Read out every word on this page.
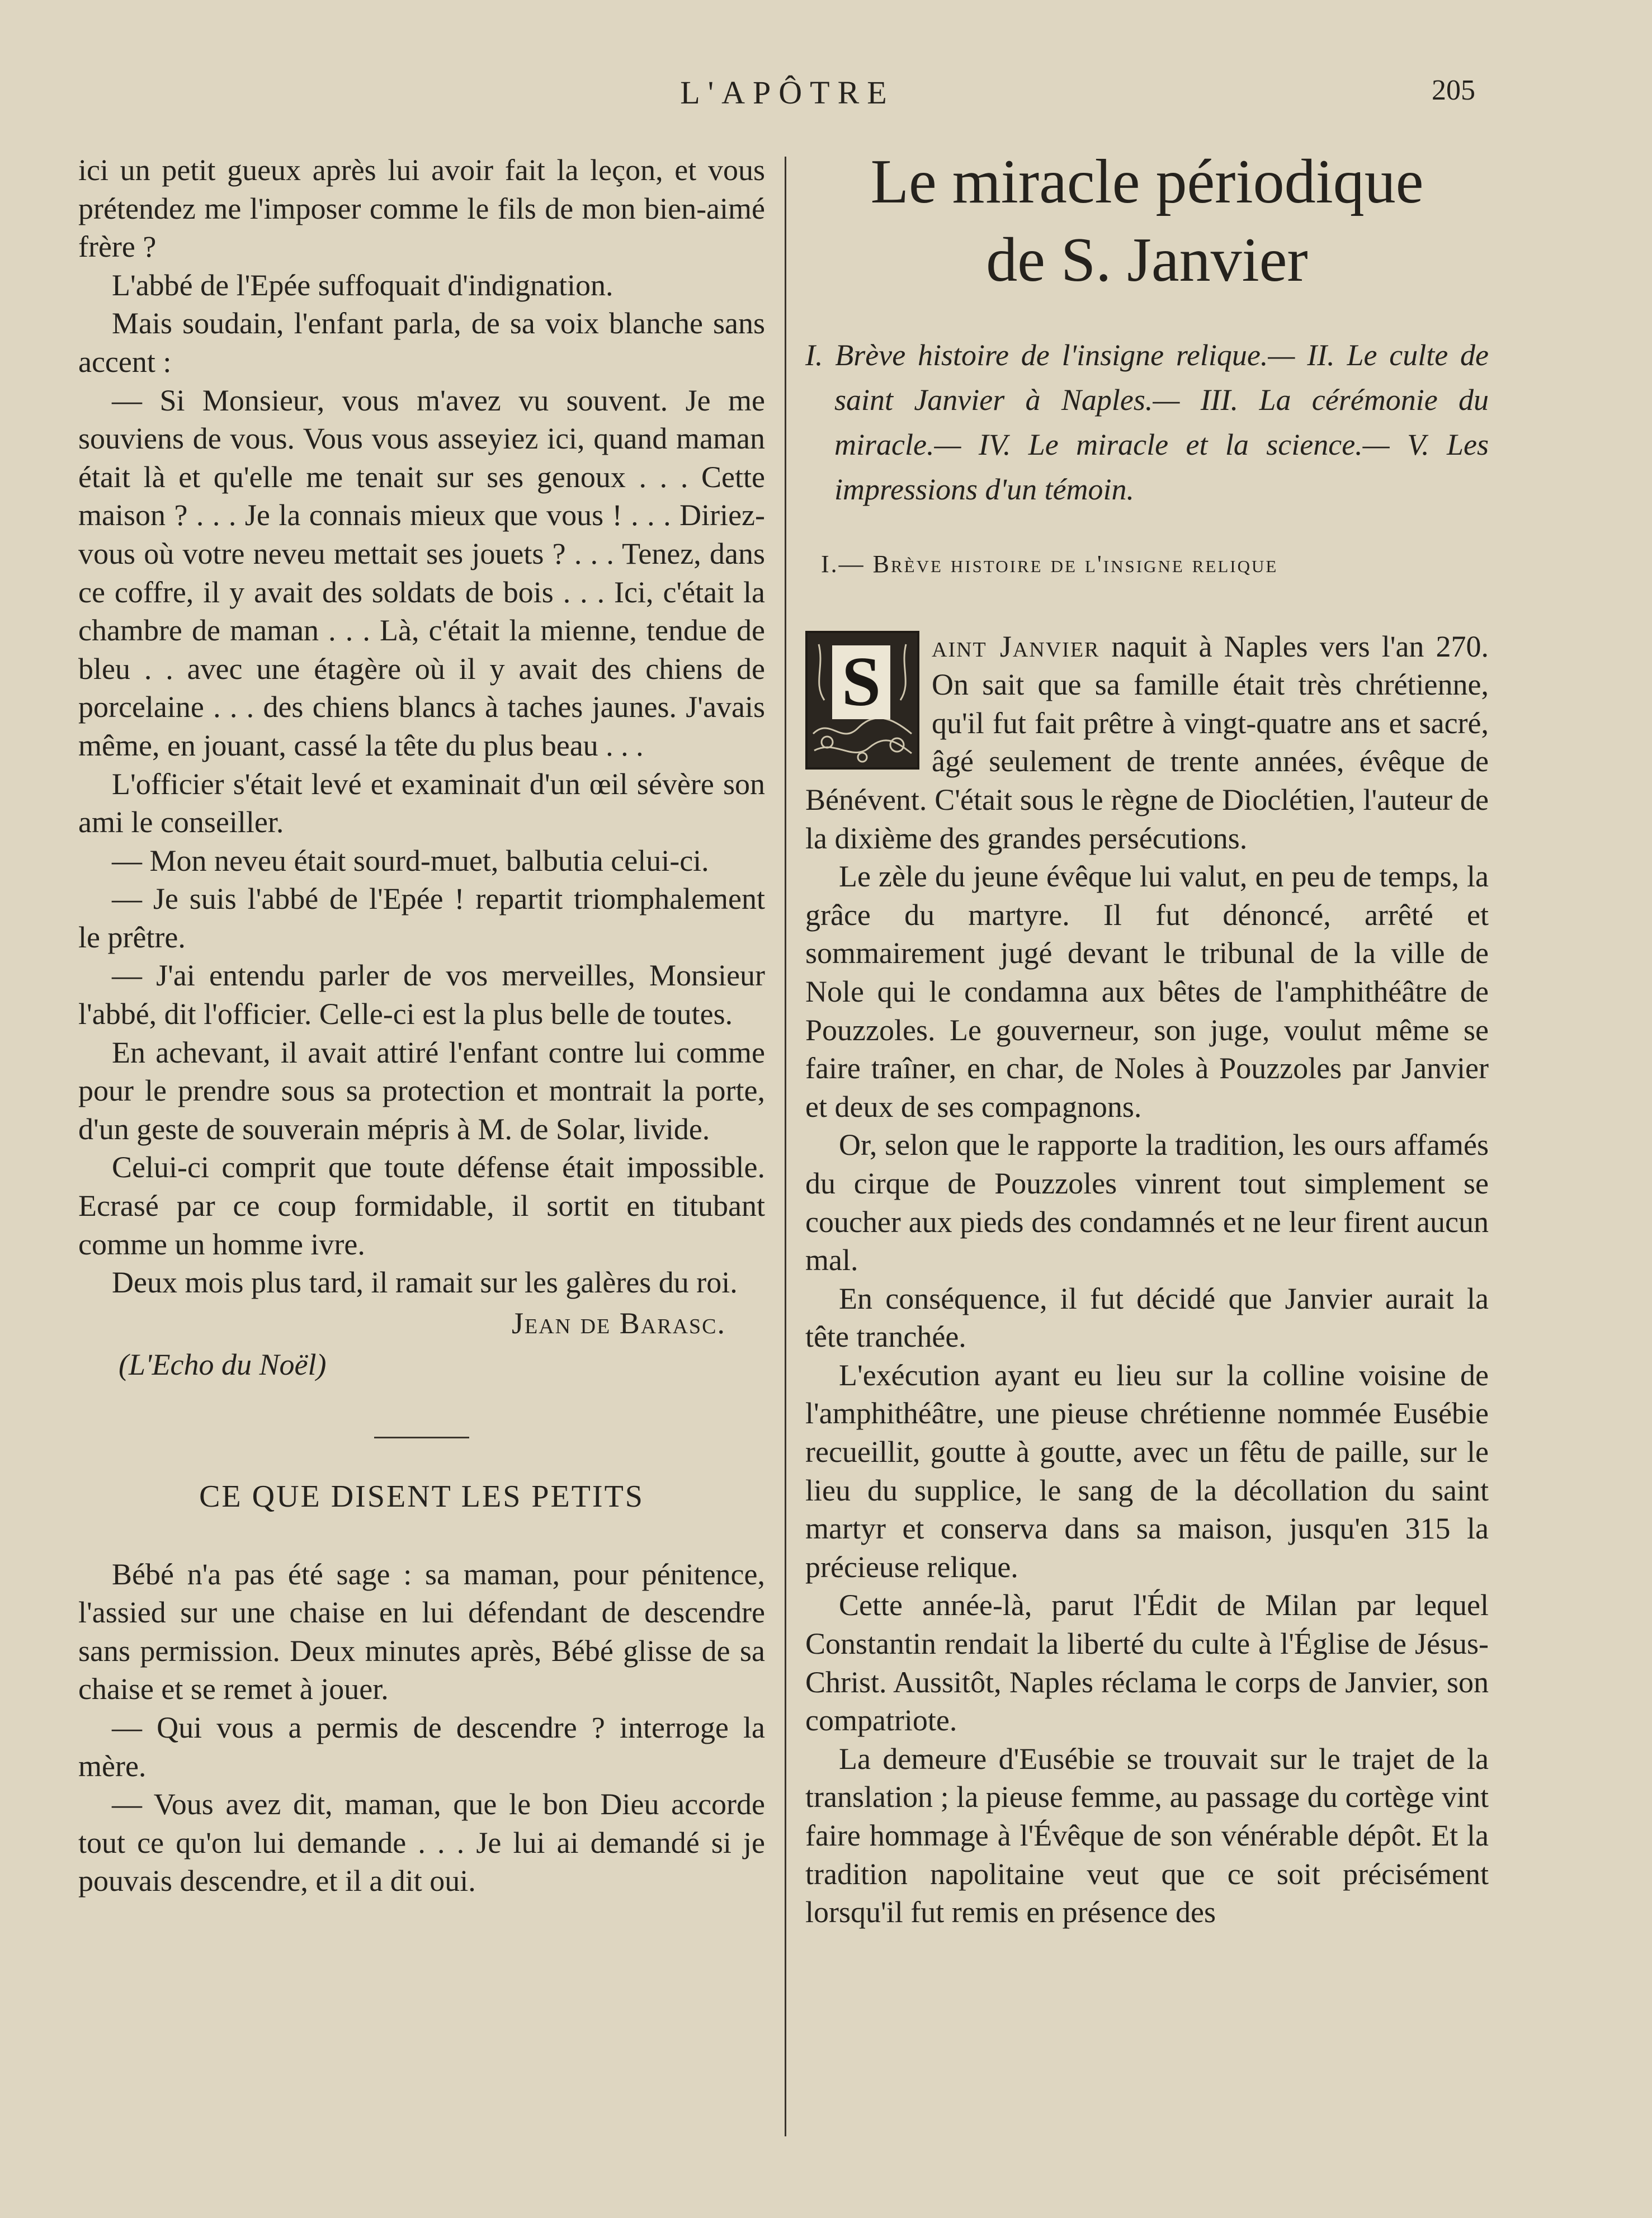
L'APÔTRE	205

ici un petit gueux après lui avoir fait la leçon, et vous prétendez me l'imposer comme le fils de mon bien-aimé frère ?

L'abbé de l'Epée suffoquait d'indignation.

Mais soudain, l'enfant parla, de sa voix blanche sans accent :

— Si Monsieur, vous m'avez vu souvent. Je me souviens de vous. Vous vous asseyiez ici, quand maman était là et qu'elle me tenait sur ses genoux . . . Cette maison ? . . . Je la connais mieux que vous ! . . . Diriez-vous où votre neveu mettait ses jouets ? . . . Tenez, dans ce coffre, il y avait des soldats de bois . . . Ici, c'était la chambre de maman . . . Là, c'était la mienne, tendue de bleu . . avec une étagère où il y avait des chiens de porcelaine . . . des chiens blancs à taches jaunes. J'avais même, en jouant, cassé la tête du plus beau . . .

L'officier s'était levé et examinait d'un œil sévère son ami le conseiller.

— Mon neveu était sourd-muet, balbutia celui-ci.

— Je suis l'abbé de l'Epée ! repartit triomphalement le prêtre.

— J'ai entendu parler de vos merveilles, Monsieur l'abbé, dit l'officier. Celle-ci est la plus belle de toutes.

En achevant, il avait attiré l'enfant contre lui comme pour le prendre sous sa protection et montrait la porte, d'un geste de souverain mépris à M. de Solar, livide.

Celui-ci comprit que toute défense était impossible. Ecrasé par ce coup formidable, il sortit en titubant comme un homme ivre.

Deux mois plus tard, il ramait sur les galères du roi.

Jean de Barasc.

(L'Echo du Noël)

CE QUE DISENT LES PETITS

Bébé n'a pas été sage : sa maman, pour pénitence, l'assied sur une chaise en lui défendant de descendre sans permission. Deux minutes après, Bébé glisse de sa chaise et se remet à jouer.

— Qui vous a permis de descendre ? interroge la mère.

— Vous avez dit, maman, que le bon Dieu accorde tout ce qu'on lui demande . . . Je lui ai demandé si je pouvais descendre, et il a dit oui.

Le miracle périodique
de S. Janvier

I. Brève histoire de l'insigne relique.— II. Le culte de saint Janvier à Naples.— III. La cérémonie du miracle.— IV. Le miracle et la science.— V. Les impressions d'un témoin.

I.— Brève histoire de l'insigne relique

S	aint Janvier naquit à Naples vers l'an 270. On sait que sa famille était très chrétienne, qu'il fut fait prêtre à vingt-quatre ans et sacré, âgé seulement de trente années, évêque de Bénévent. C'était sous le règne de Dioclétien, l'auteur de la dixième des grandes persécutions.

Le zèle du jeune évêque lui valut, en peu de temps, la grâce du martyre. Il fut dénoncé, arrêté et sommairement jugé devant le tribunal de la ville de Nole qui le condamna aux bêtes de l'amphithéâtre de Pouzzoles. Le gouverneur, son juge, voulut même se faire traîner, en char, de Noles à Pouzzoles par Janvier et deux de ses compagnons.

Or, selon que le rapporte la tradition, les ours affamés du cirque de Pouzzoles vinrent tout simplement se coucher aux pieds des condamnés et ne leur firent aucun mal.

En conséquence, il fut décidé que Janvier aurait la tête tranchée.

L'exécution ayant eu lieu sur la colline voisine de l'amphithéâtre, une pieuse chrétienne nommée Eusébie recueillit, goutte à goutte, avec un fêtu de paille, sur le lieu du supplice, le sang de la décollation du saint martyr et conserva dans sa maison, jusqu'en 315 la précieuse relique.

Cette année-là, parut l'Édit de Milan par lequel Constantin rendait la liberté du culte à l'Église de Jésus-Christ. Aussitôt, Naples réclama le corps de Janvier, son compatriote.

La demeure d'Eusébie se trouvait sur le trajet de la translation ; la pieuse femme, au passage du cortège vint faire hommage à l'Évêque de son vénérable dépôt. Et la tradition napolitaine veut que ce soit précisément lorsqu'il fut remis en présence des
